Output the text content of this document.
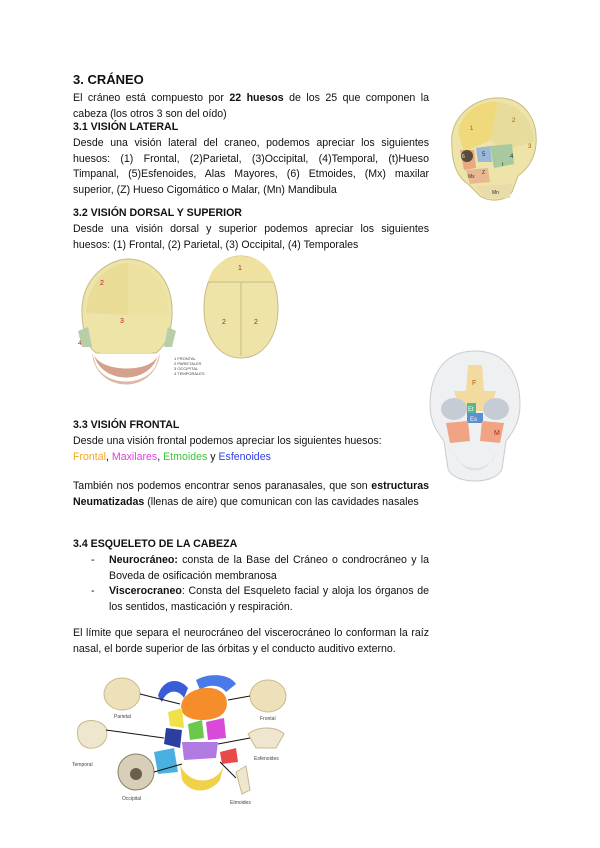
3. CRÁNEO
El cráneo está compuesto por 22 huesos de los 25 que componen la cabeza (los otros 3 son del oído)
3.1 VISIÓN LATERAL
Desde una visión lateral del craneo, podemos apreciar los siguientes huesos: (1) Frontal, (2)Parietal, (3)Occipital, (4)Temporal, (t)Hueso Timpanal, (5)Esfenoides, Alas Mayores, (6) Etmoides, (Mx) maxilar superior, (Z) Hueso Cigomático o Malar, (Mn) Mandibula
1
2
3
4
5
6
t
Mx
Z
Mn
3.2 VISIÓN DORSAL Y SUPERIOR
Desde una visión dorsal y superior podemos apreciar los siguientes huesos: (1) Frontal, (2) Parietal, (3) Occipital, (4) Temporales
2
3
4
1
2	2
1 FRONTAL
2 PARIETALES
3 OCCIPITAL
4 TEMPORALES
F
Et
Es
M
3.3 VISIÓN FRONTAL
Desde una visión frontal podemos apreciar los siguientes huesos:
Frontal, Maxilares, Etmoides y Esfenoides
También nos podemos encontrar senos paranasales, que son estructuras Neumatizadas (llenas de aire) que comunican con las cavidades nasales
3.4 ESQUELETO DE LA CABEZA
- Neurocráneo: consta de la Base del Cráneo o condrocráneo y la Boveda de osificación membranosa
- Viscerocraneo: Consta del Esqueleto facial y aloja los órganos de los sentidos, masticación y respiración.
El límite que separa el neurocráneo del viscerocráneo lo conforman la raíz nasal, el borde superior de las órbitas y el conducto auditivo externo.
Parietal	Frontal
Temporal
Esfenoides
Occipital
Etmoides
